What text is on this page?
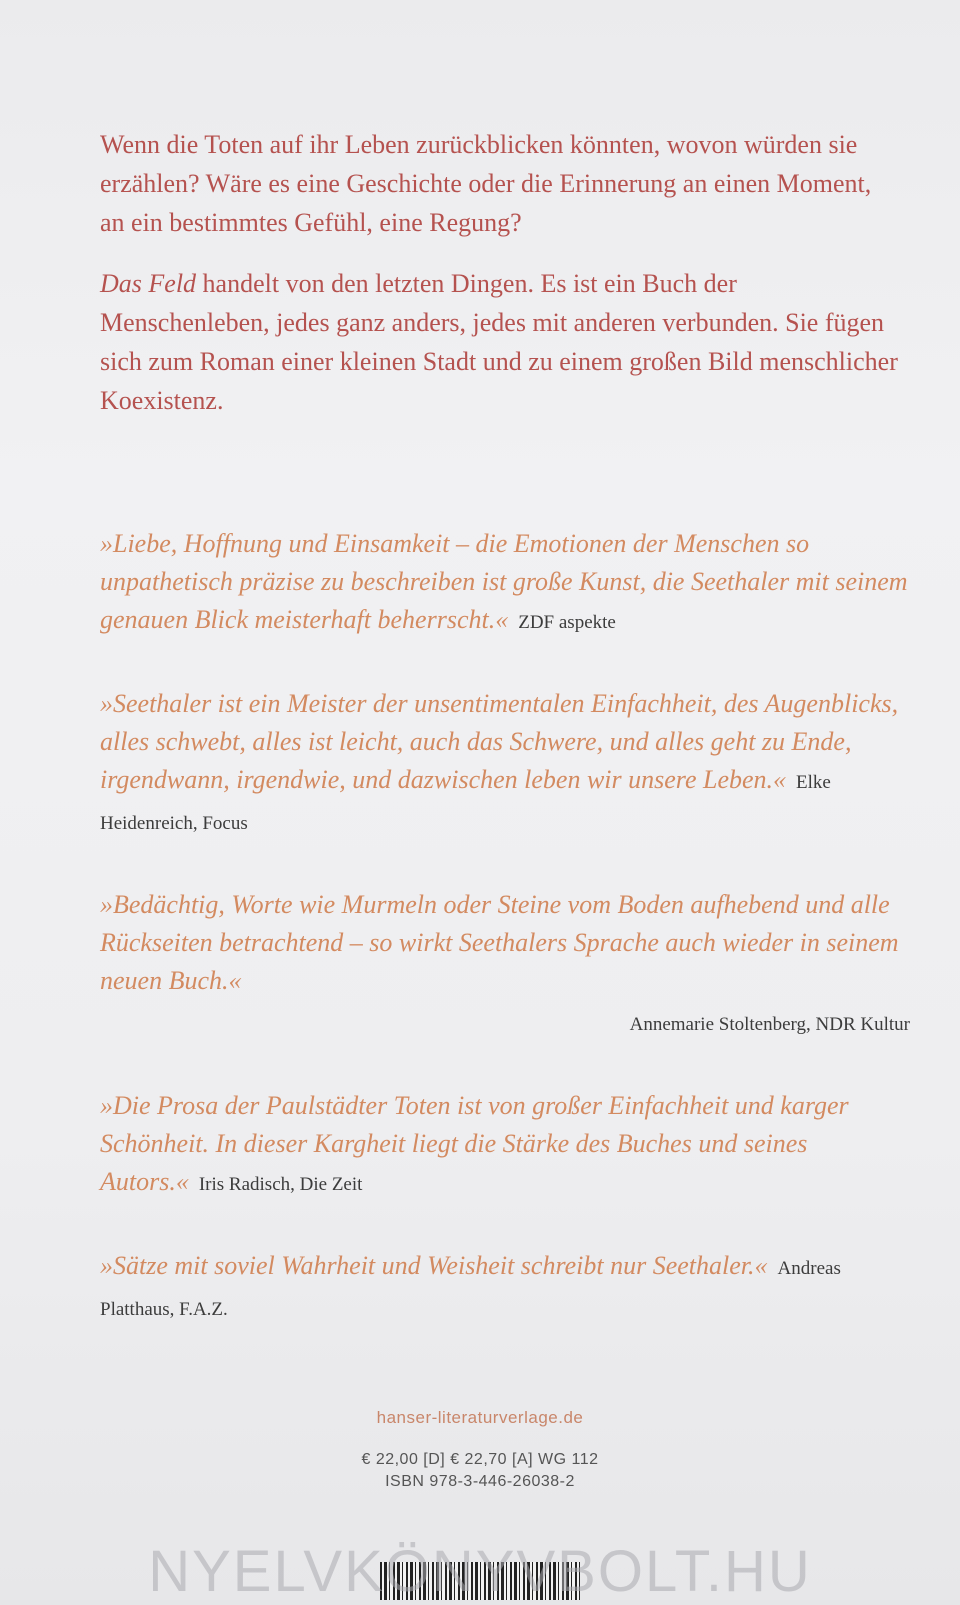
Wenn die Toten auf ihr Leben zurückblicken könnten, wovon würden sie erzählen? Wäre es eine Geschichte oder die Erinnerung an einen Moment, an ein bestimmtes Gefühl, eine Regung?

Das Feld handelt von den letzten Dingen. Es ist ein Buch der Menschenleben, jedes ganz anders, jedes mit anderen verbunden. Sie fügen sich zum Roman einer kleinen Stadt und zu einem großen Bild menschlicher Koexistenz.

»Liebe, Hoffnung und Einsamkeit – die Emotionen der Menschen so unpathetisch präzise zu beschreiben ist große Kunst, die Seethaler mit seinem genauen Blick meisterhaft beherrscht.« ZDF aspekte

»Seethaler ist ein Meister der unsentimentalen Einfachheit, des Augenblicks, alles schwebt, alles ist leicht, auch das Schwere, und alles geht zu Ende, irgendwann, irgendwie, und dazwischen leben wir unsere Leben.« Elke Heidenreich, Focus

»Bedächtig, Worte wie Murmeln oder Steine vom Boden aufhebend und alle Rückseiten betrachtend – so wirkt Seethalers Sprache auch wieder in seinem neuen Buch.«
Annemarie Stoltenberg, NDR Kultur

»Die Prosa der Paulstädter Toten ist von großer Einfachheit und karger Schönheit. In dieser Kargheit liegt die Stärke des Buches und seines Autors.« Iris Radisch, Die Zeit

»Sätze mit soviel Wahrheit und Weisheit schreibt nur Seethaler.« Andreas Platthaus, F.A.Z.

hanser-literaturverlage.de
€ 22,00 [D] € 22,70 [A] WG 112
ISBN 978-3-446-26038-2
NYELVKÖNYVBOLT.HU
